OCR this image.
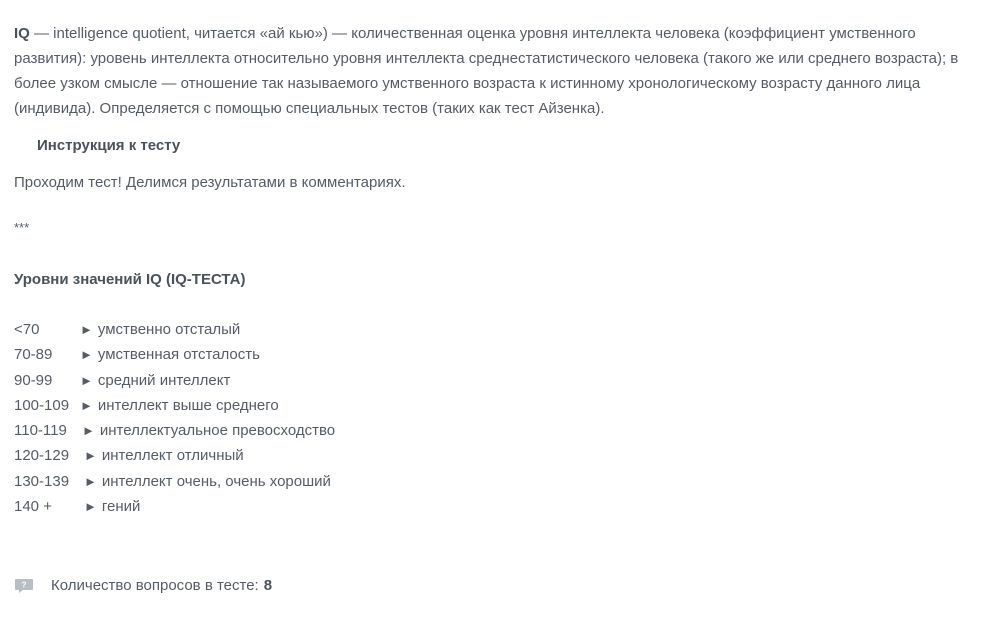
IQ — intelligence quotient, читается «ай кью») — количественная оценка уровня интеллекта человека (коэффициент умственного развития): уровень интеллекта относительно уровня интеллекта среднестатистического человека (такого же или среднего возраста); в более узком смысле — отношение так называемого умственного возраста к истинному хронологическому возрасту данного лица (индивида). Определяется с помощью специальных тестов (таких как тест Айзенка).

Инструкция к тесту

Проходим тест! Делимся результатами в комментариях.

***

Уровни значений IQ (IQ-ТЕСТА)
<70	► умственно отсталый
70-89	► умственная отсталость
90-99	► средний интеллект
100-109 ► интеллект выше среднего
110-119	► интеллектуальное превосходство
120-129	► интеллект отличный
130-139	► интеллект очень, очень хороший
140 +	► гений
? Количество вопросов в тесте: 8
